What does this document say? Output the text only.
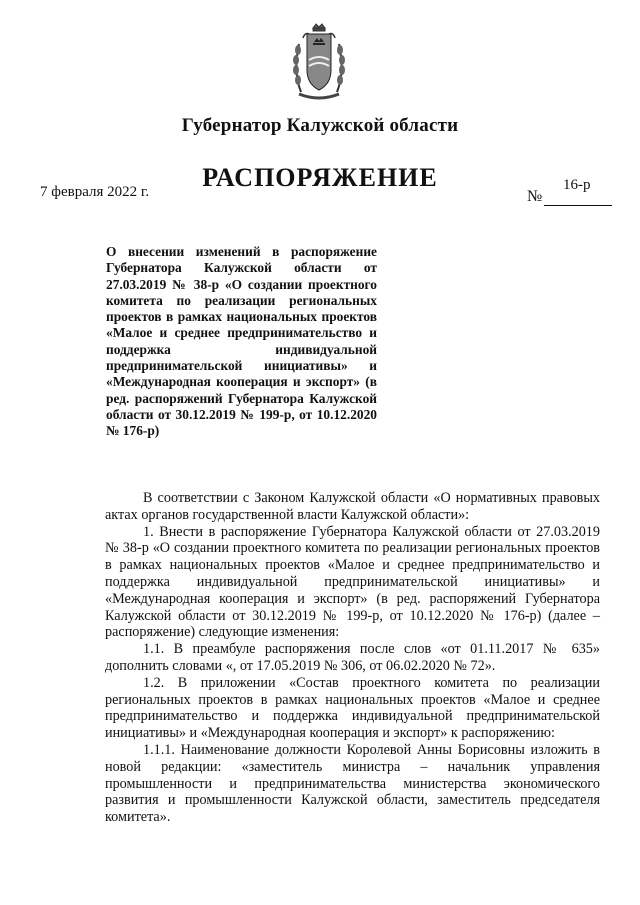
Губернатор Калужской области
РАСПОРЯЖЕНИЕ
7 февраля 2022 г.	№
16-р
О внесении изменений в распоряжение Губернатора Калужской области от 27.03.2019 № 38-р «О создании проектного комитета по реализации региональных проектов в рамках национальных проектов «Малое и среднее предпринимательство и поддержка индивидуальной предпринимательской инициативы» и «Международная кооперация и экспорт» (в ред. распоряжений Губернатора Калужской области от 30.12.2019 № 199-р, от 10.12.2020 № 176-р)

В соответствии с Законом Калужской области «О нормативных правовых актах органов государственной власти Калужской области»:

1. Внести в распоряжение Губернатора Калужской области от 27.03.2019 № 38-р «О создании проектного комитета по реализации региональных проектов в рамках национальных проектов «Малое и среднее предпринимательство и поддержка индивидуальной предпринимательской инициативы» и «Международная кооперация и экспорт» (в ред. распоряжений Губернатора Калужской области от 30.12.2019 № 199-р, от 10.12.2020 № 176-р) (далее – распоряжение) следующие изменения:

1.1. В преамбуле распоряжения после слов «от 01.11.2017 № 635» дополнить словами «, от 17.05.2019 № 306, от 06.02.2020 № 72».

1.2. В приложении «Состав проектного комитета по реализации региональных проектов в рамках национальных проектов «Малое и среднее предпринимательство и поддержка индивидуальной предпринимательской инициативы» и «Международная кооперация и экспорт» к распоряжению:

1.1.1. Наименование должности Королевой Анны Борисовны изложить в новой редакции: «заместитель министра – начальник управления промышленности и предпринимательства министерства экономического развития и промышленности Калужской области, заместитель председателя комитета».
